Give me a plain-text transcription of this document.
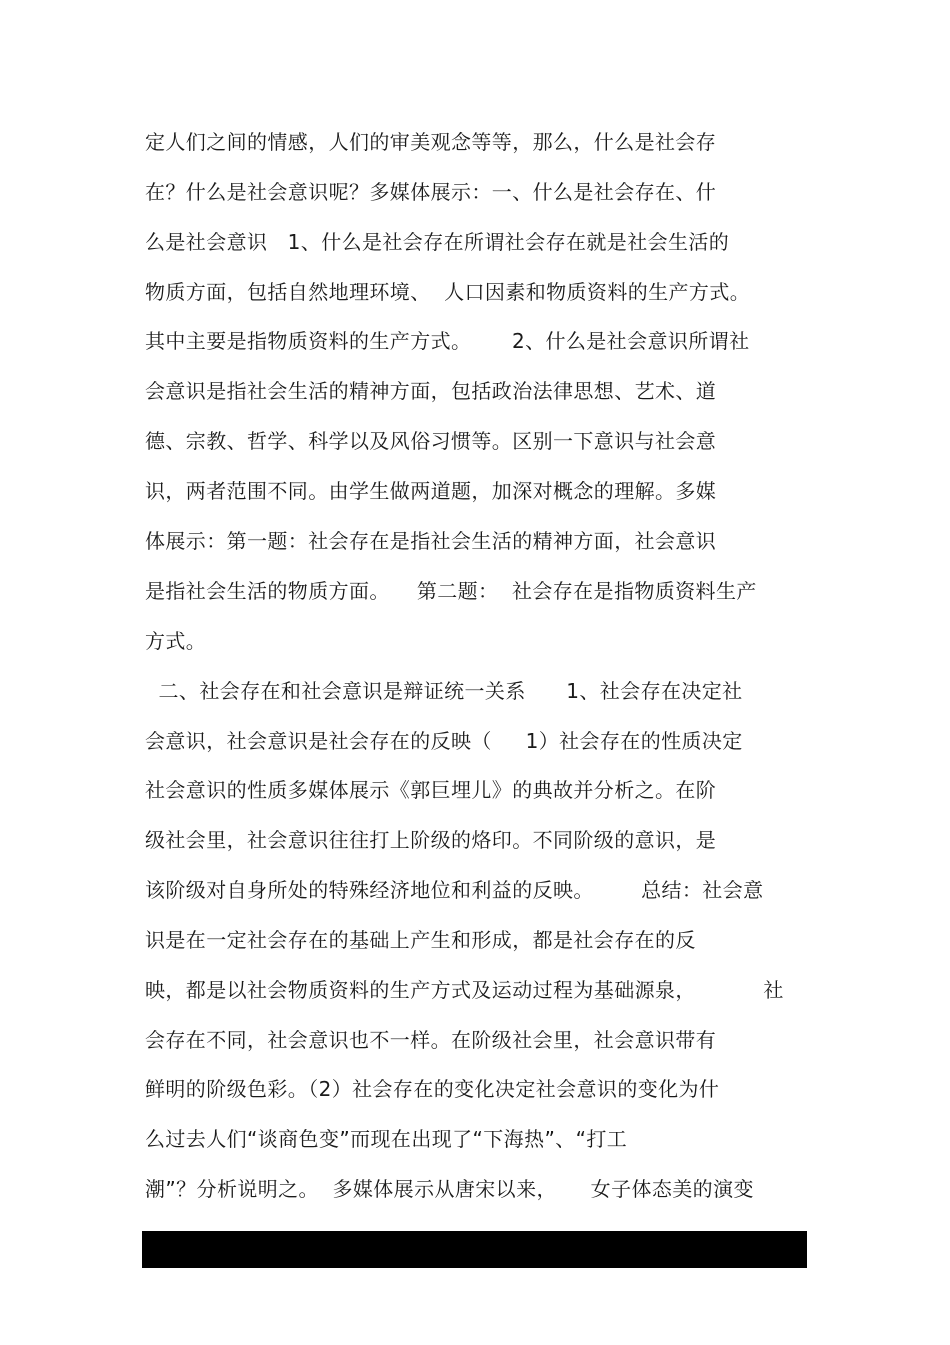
定人们之间的情感，人们的审美观念等等，那么，什么是社会存
在？什么是社会意识呢？多媒体展示：一、什么是社会存在、什
么是社会意识   1、什么是社会存在所谓社会存在就是社会生活的
物质方面，包括自然地理环境、  人口因素和物质资料的生产方式。
其中主要是指物质资料的生产方式。      2、什么是社会意识所谓社
会意识是指社会生活的精神方面，包括政治法律思想、艺术、道
德、宗教、哲学、科学以及风俗习惯等。区别一下意识与社会意
识，两者范围不同。由学生做两道题，加深对概念的理解。多媒
体展示：第一题：社会存在是指社会生活的精神方面，社会意识
是指社会生活的物质方面。    第二题：  社会存在是指物质资料生产
方式。
二、社会存在和社会意识是辩证统一关系      1、社会存在决定社
会意识，社会意识是社会存在的反映（     1）社会存在的性质决定
社会意识的性质多媒体展示《郭巨埋儿》的典故并分析之。在阶
级社会里，社会意识往往打上阶级的烙印。不同阶级的意识，是
该阶级对自身所处的特殊经济地位和利益的反映。       总结：社会意
识是在一定社会存在的基础上产生和形成，都是社会存在的反
映，都是以社会物质资料的生产方式及运动过程为基础源泉，          社
会存在不同，社会意识也不一样。在阶级社会里，社会意识带有
鲜明的阶级色彩。（2）社会存在的变化决定社会意识的变化为什
么过去人们“谈商色变”而现在出现了“下海热”、“打工
潮”？分析说明之。  多媒体展示从唐宋以来，     女子体态美的演变
